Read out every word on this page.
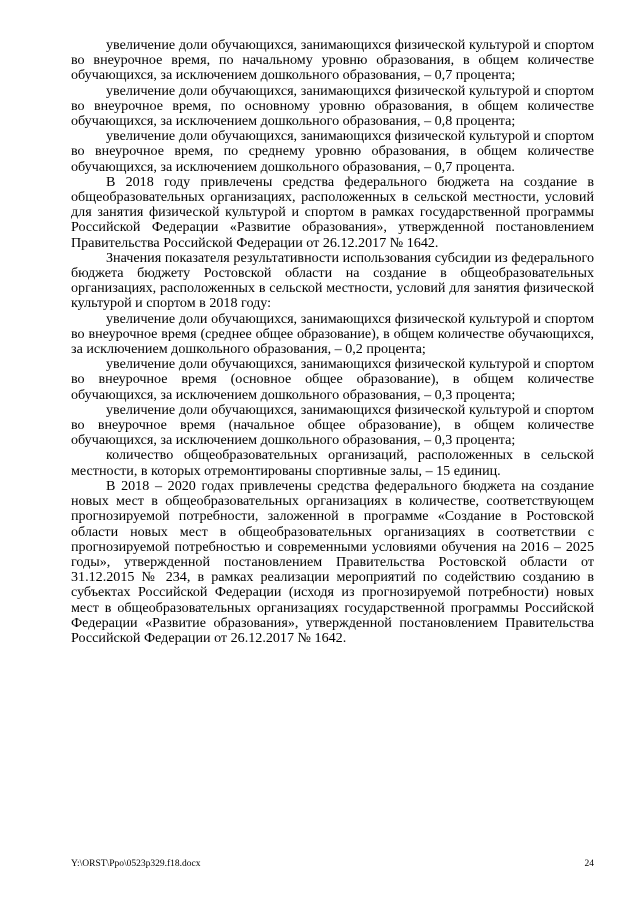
увеличение доли обучающихся, занимающихся физической культурой и спортом во внеурочное время, по начальному уровню образования, в общем количестве обучающихся, за исключением дошкольного образования, – 0,7 процента;

увеличение доли обучающихся, занимающихся физической культурой и спортом во внеурочное время, по основному уровню образования, в общем количестве обучающихся, за исключением дошкольного образования, – 0,8 процента;

увеличение доли обучающихся, занимающихся физической культурой и спортом во внеурочное время, по среднему уровню образования, в общем количестве обучающихся, за исключением дошкольного образования, – 0,7 процента.

В 2018 году привлечены средства федерального бюджета на создание в общеобразовательных организациях, расположенных в сельской местности, условий для занятия физической культурой и спортом в рамках государственной программы Российской Федерации «Развитие образования», утвержденной постановлением Правительства Российской Федерации от 26.12.2017 № 1642.

Значения показателя результативности использования субсидии из федерального бюджета бюджету Ростовской области на создание в общеобразовательных организациях, расположенных в сельской местности, условий для занятия физической культурой и спортом в 2018 году:

увеличение доли обучающихся, занимающихся физической культурой и спортом во внеурочное время (среднее общее образование), в общем количестве обучающихся, за исключением дошкольного образования, – 0,2 процента;

увеличение доли обучающихся, занимающихся физической культурой и спортом во внеурочное время (основное общее образование), в общем количестве обучающихся, за исключением дошкольного образования, – 0,3 процента;

увеличение доли обучающихся, занимающихся физической культурой и спортом во внеурочное время (начальное общее образование), в общем количестве обучающихся, за исключением дошкольного образования, – 0,3 процента;

количество общеобразовательных организаций, расположенных в сельской местности, в которых отремонтированы спортивные залы, – 15 единиц.

В 2018 – 2020 годах привлечены средства федерального бюджета на создание новых мест в общеобразовательных организациях в количестве, соответствующем прогнозируемой потребности, заложенной в программе «Создание в Ростовской области новых мест в общеобразовательных организациях в соответствии с прогнозируемой потребностью и современными условиями обучения на 2016 – 2025 годы», утвержденной постановлением Правительства Ростовской области от 31.12.2015 № 234, в рамках реализации мероприятий по содействию созданию в субъектах Российской Федерации (исходя из прогнозируемой потребности) новых мест в общеобразовательных организациях государственной программы Российской Федерации «Развитие образования», утвержденной постановлением Правительства Российской Федерации от 26.12.2017 № 1642.

Y:\ORST\Ppo\0523p329.f18.docx	24
